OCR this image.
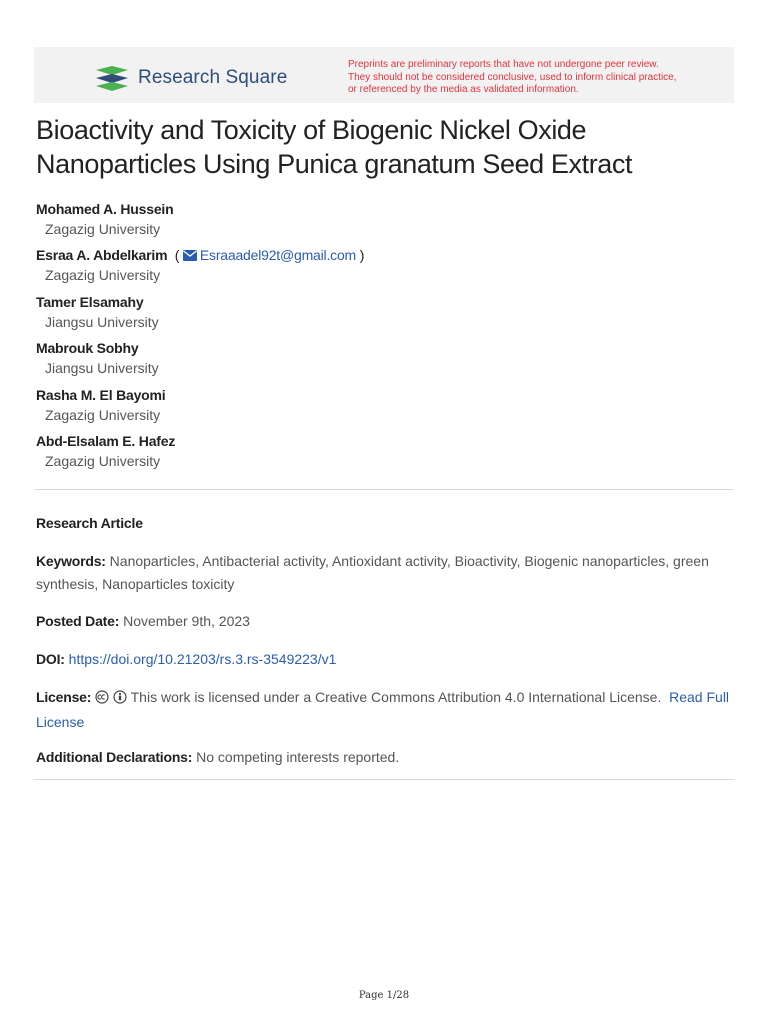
Research Square
Preprints are preliminary reports that have not undergone peer review.
They should not be considered conclusive, used to inform clinical practice,
or referenced by the media as validated information.
Bioactivity and Toxicity of Biogenic Nickel Oxide
Nanoparticles Using Punica granatum Seed Extract
Mohamed A. Hussein
Zagazig University
Esraa A. Abdelkarim  ( Esraaadel92t@gmail.com )
Zagazig University
Tamer Elsamahy
Jiangsu University
Mabrouk Sobhy
Jiangsu University
Rasha M. El Bayomi
Zagazig University
Abd-Elsalam E. Hafez
Zagazig University
Research Article
Keywords: Nanoparticles, Antibacterial activity, Antioxidant activity, Bioactivity, Biogenic nanoparticles, green synthesis, Nanoparticles toxicity
Posted Date: November 9th, 2023
DOI: https://doi.org/10.21203/rs.3.rs-3549223/v1
License:	This work is licensed under a Creative Commons Attribution 4.0 International License. Read Full License
Additional Declarations: No competing interests reported.
Page 1/28
